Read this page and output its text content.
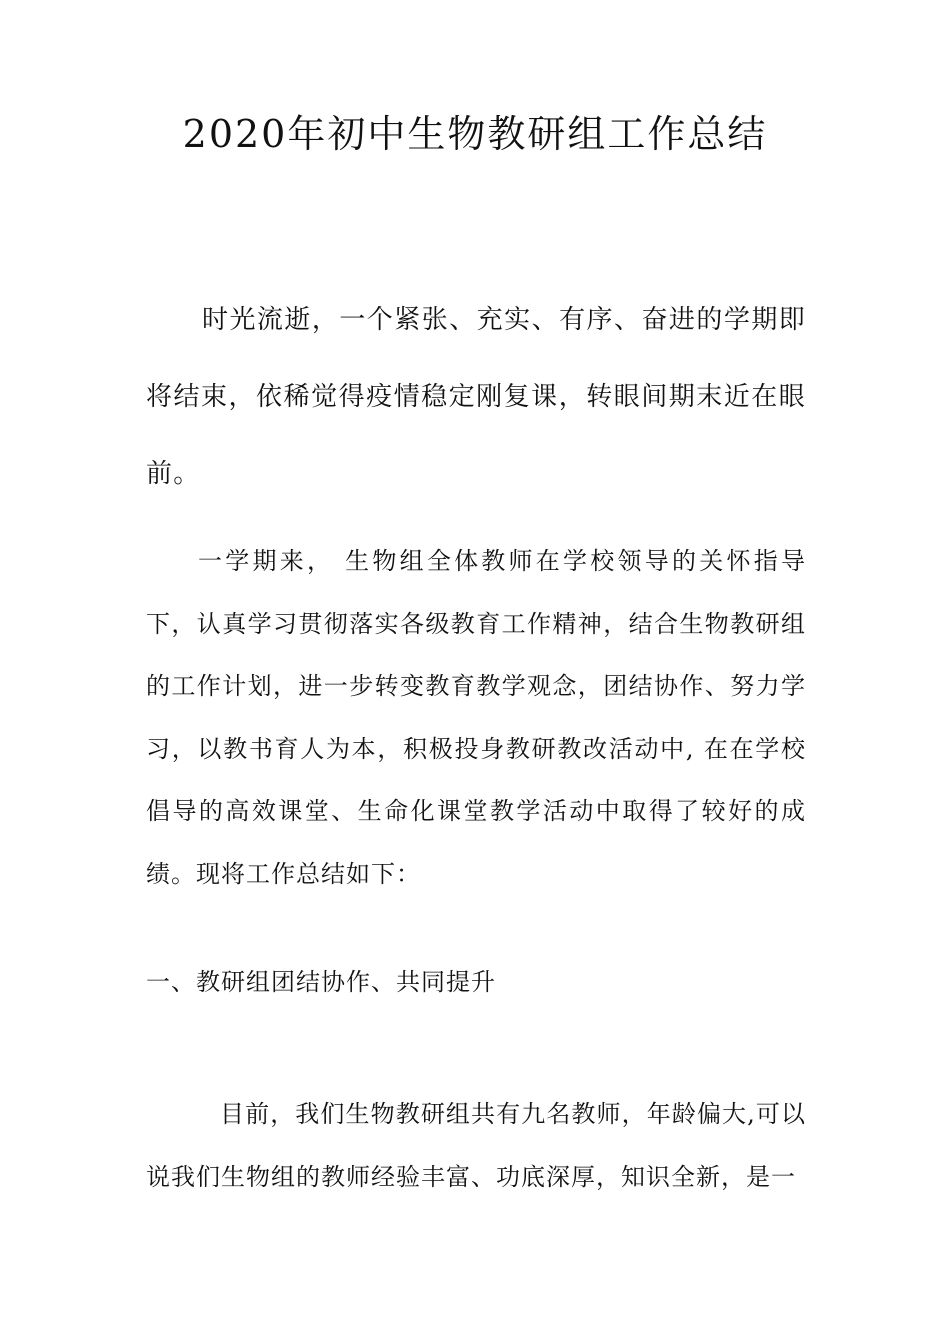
2020年初中生物教研组工作总结

时光流逝，一个紧张、充实、有序、奋进的学期即将结束，依稀觉得疫情稳定刚复课，转眼间期末近在眼前。

一学期来， 生物组全体教师在学校领导的关怀指导下，认真学习贯彻落实各级教育工作精神，结合生物教研组的工作计划，进一步转变教育教学观念，团结协作、努力学习，以教书育人为本，积极投身教研教改活动中, 在在学校倡导的高效课堂、生命化课堂教学活动中取得了较好的成绩。现将工作总结如下：

一、教研组团结协作、共同提升

目前，我们生物教研组共有九名教师，年龄偏大,可以说我们生物组的教师经验丰富、功底深厚，知识全新，是一
